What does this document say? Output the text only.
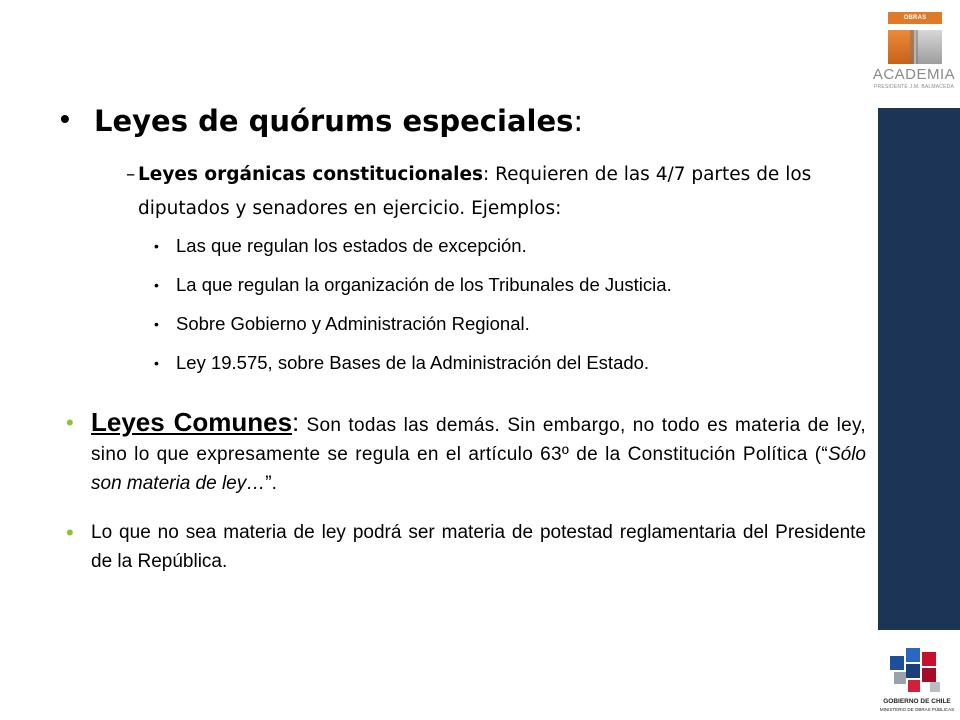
OBRAS
ACADEMIA
PRESIDENTE J.M. BALMACEDA
GOBIERNO DE CHILE
MINISTERIO DE OBRAS PÚBLICAS
• Leyes de quórums especiales:
– Leyes orgánicas constitucionales: Requieren de las 4/7 partes de los diputados y senadores en ejercicio. Ejemplos:
• Las que regulan los estados de excepción.
• La que regulan la organización de los Tribunales de Justicia.
• Sobre Gobierno y Administración Regional.
• Ley 19.575, sobre Bases de la Administración del Estado.
• Leyes Comunes: Son todas las demás. Sin embargo, no todo es materia de ley, sino lo que expresamente se regula en el artículo 63º de la Constitución Política (“Sólo son materia de ley…”.
• Lo que no sea materia de ley podrá ser materia de potestad reglamentaria del Presidente de la República.
